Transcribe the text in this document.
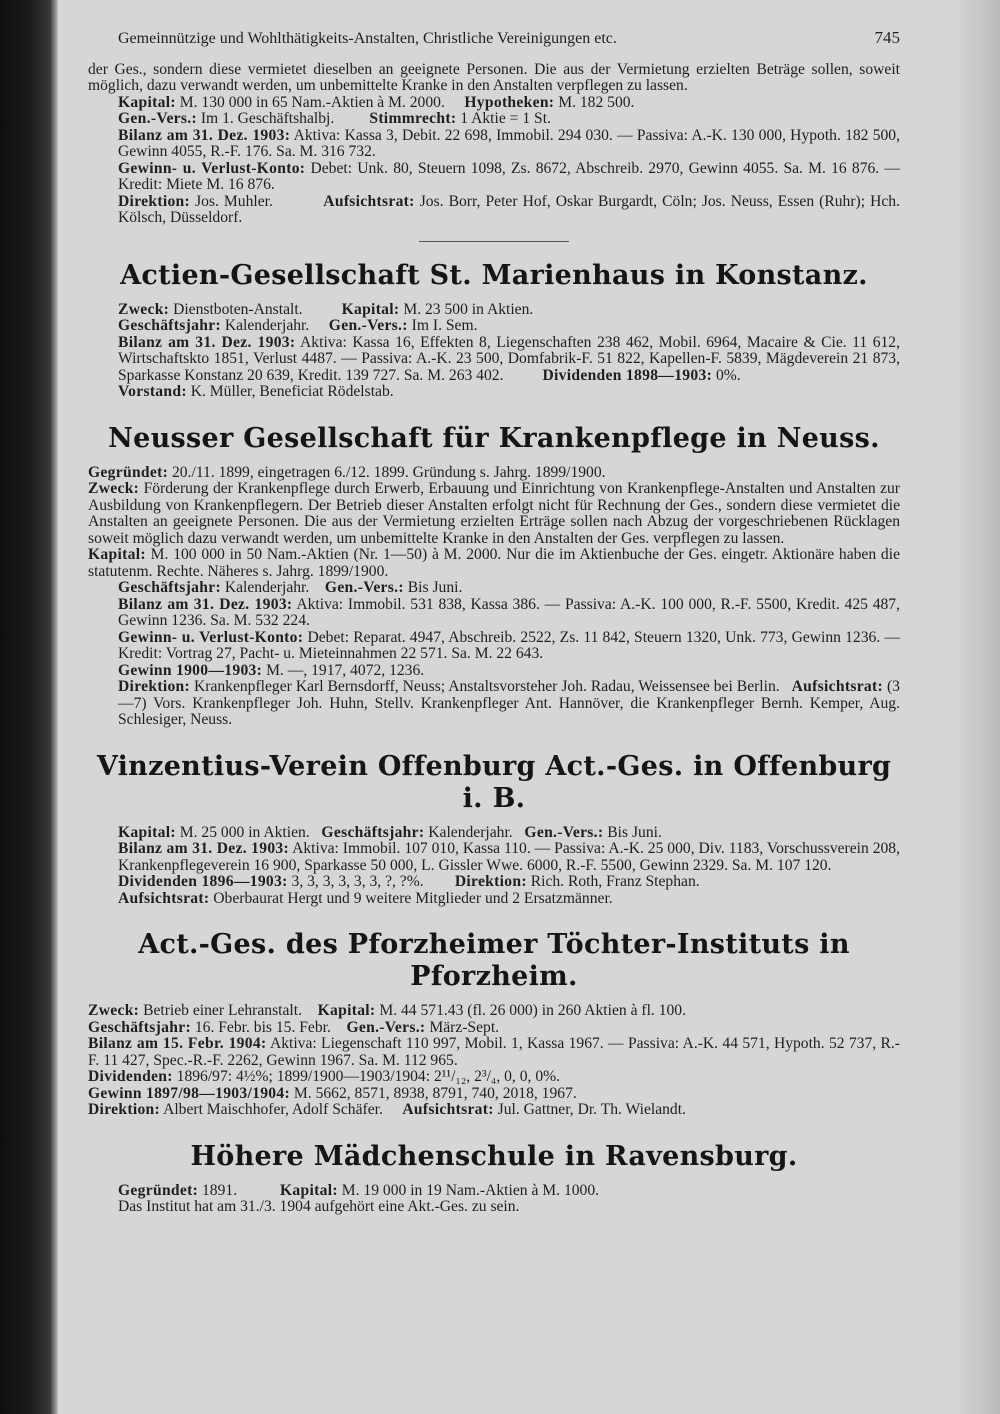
Gemeinnützige und Wohlthätigkeits-Anstalten, Christliche Vereinigungen etc.	745

der Ges., sondern diese vermietet dieselben an geeignete Personen. Die aus der Vermietung erzielten Beträge sollen, soweit möglich, dazu verwandt werden, um unbemittelte Kranke in den Anstalten verpflegen zu lassen.

Kapital: M. 130 000 in 65 Nam.-Aktien à M. 2000. Hypotheken: M. 182 500.

Gen.-Vers.: Im 1. Geschäftshalbj. Stimmrecht: 1 Aktie = 1 St.

Bilanz am 31. Dez. 1903: Aktiva: Kassa 3, Debit. 22 698, Immobil. 294 030. — Passiva: A.-K. 130 000, Hypoth. 182 500, Gewinn 4055, R.-F. 176. Sa. M. 316 732.

Gewinn- u. Verlust-Konto: Debet: Unk. 80, Steuern 1098, Zs. 8672, Abschreib. 2970, Gewinn 4055. Sa. M. 16 876. — Kredit: Miete M. 16 876.

Direktion: Jos. Muhler.	Aufsichtsrat: Jos. Borr, Peter Hof, Oskar Burgardt, Cöln; Jos. Neuss, Essen (Ruhr); Hch. Kölsch, Düsseldorf.

Actien-Gesellschaft St. Marienhaus in Konstanz.

Zweck: Dienstboten-Anstalt. Kapital: M. 23 500 in Aktien.

Geschäftsjahr: Kalenderjahr. Gen.-Vers.: Im I. Sem.

Bilanz am 31. Dez. 1903: Aktiva: Kassa 16, Effekten 8, Liegenschaften 238 462, Mobil. 6964, Macaire & Cie. 11 612, Wirtschaftskto 1851, Verlust 4487. — Passiva: A.-K. 23 500, Domfabrik-F. 51 822, Kapellen-F. 5839, Mägdeverein 21 873, Sparkasse Konstanz 20 639, Kredit. 139 727. Sa. M. 263 402. Dividenden 1898—1903: 0%.

Vorstand: K. Müller, Beneficiat Rödelstab.

Neusser Gesellschaft für Krankenpflege in Neuss.

Gegründet: 20./11. 1899, eingetragen 6./12. 1899. Gründung s. Jahrg. 1899/1900.

Zweck: Förderung der Krankenpflege durch Erwerb, Erbauung und Einrichtung von Krankenpflege-Anstalten und Anstalten zur Ausbildung von Krankenpflegern. Der Betrieb dieser Anstalten erfolgt nicht für Rechnung der Ges., sondern diese vermietet die Anstalten an geeignete Personen. Die aus der Vermietung erzielten Erträge sollen nach Abzug der vorgeschriebenen Rücklagen soweit möglich dazu verwandt werden, um unbemittelte Kranke in den Anstalten der Ges. verpflegen zu lassen.

Kapital: M. 100 000 in 50 Nam.-Aktien (Nr. 1—50) à M. 2000. Nur die im Aktienbuche der Ges. eingetr. Aktionäre haben die statutenm. Rechte. Näheres s. Jahrg. 1899/1900.

Geschäftsjahr: Kalenderjahr. Gen.-Vers.: Bis Juni.

Bilanz am 31. Dez. 1903: Aktiva: Immobil. 531 838, Kassa 386. — Passiva: A.-K. 100 000, R.-F. 5500, Kredit. 425 487, Gewinn 1236. Sa. M. 532 224.

Gewinn- u. Verlust-Konto: Debet: Reparat. 4947, Abschreib. 2522, Zs. 11 842, Steuern 1320, Unk. 773, Gewinn 1236. — Kredit: Vortrag 27, Pacht- u. Mieteinnahmen 22 571. Sa. M. 22 643.

Gewinn 1900—1903: M. —, 1917, 4072, 1236.

Direktion: Krankenpfleger Karl Bernsdorff, Neuss; Anstaltsvorsteher Joh. Radau, Weissensee bei Berlin. Aufsichtsrat: (3—7) Vors. Krankenpfleger Joh. Huhn, Stellv. Krankenpfleger Ant. Hannöver, die Krankenpfleger Bernh. Kemper, Aug. Schlesiger, Neuss.

Vinzentius-Verein Offenburg Act.-Ges. in Offenburg i. B.

Kapital: M. 25 000 in Aktien. Geschäftsjahr: Kalenderjahr. Gen.-Vers.: Bis Juni.

Bilanz am 31. Dez. 1903: Aktiva: Immobil. 107 010, Kassa 110. — Passiva: A.-K. 25 000, Div. 1183, Vorschussverein 208, Krankenpflegeverein 16 900, Sparkasse 50 000, L. Gissler Wwe. 6000, R.-F. 5500, Gewinn 2329. Sa. M. 107 120.

Dividenden 1896—1903: 3, 3, 3, 3, 3, 3, ?, ?%. Direktion: Rich. Roth, Franz Stephan.

Aufsichtsrat: Oberbaurat Hergt und 9 weitere Mitglieder und 2 Ersatzmänner.

Act.-Ges. des Pforzheimer Töchter-Instituts in Pforzheim.

Zweck: Betrieb einer Lehranstalt. Kapital: M. 44 571.43 (fl. 26 000) in 260 Aktien à fl. 100.

Geschäftsjahr: 16. Febr. bis 15. Febr. Gen.-Vers.: März-Sept.

Bilanz am 15. Febr. 1904: Aktiva: Liegenschaft 110 997, Mobil. 1, Kassa 1967. — Passiva: A.-K. 44 571, Hypoth. 52 737, R.-F. 11 427, Spec.-R.-F. 2262, Gewinn 1967. Sa. M. 112 965.

Dividenden: 1896/97: 4½%; 1899/1900—1903/1904: 2¹¹/₁₂, 2³/₄, 0, 0, 0%.

Gewinn 1897/98—1903/1904: M. 5662, 8571, 8938, 8791, 740, 2018, 1967.

Direktion: Albert Maischhofer, Adolf Schäfer. Aufsichtsrat: Jul. Gattner, Dr. Th. Wielandt.

Höhere Mädchenschule in Ravensburg.

Gegründet: 1891.	Kapital: M. 19 000 in 19 Nam.-Aktien à M. 1000.

Das Institut hat am 31./3. 1904 aufgehört eine Akt.-Ges. zu sein.
